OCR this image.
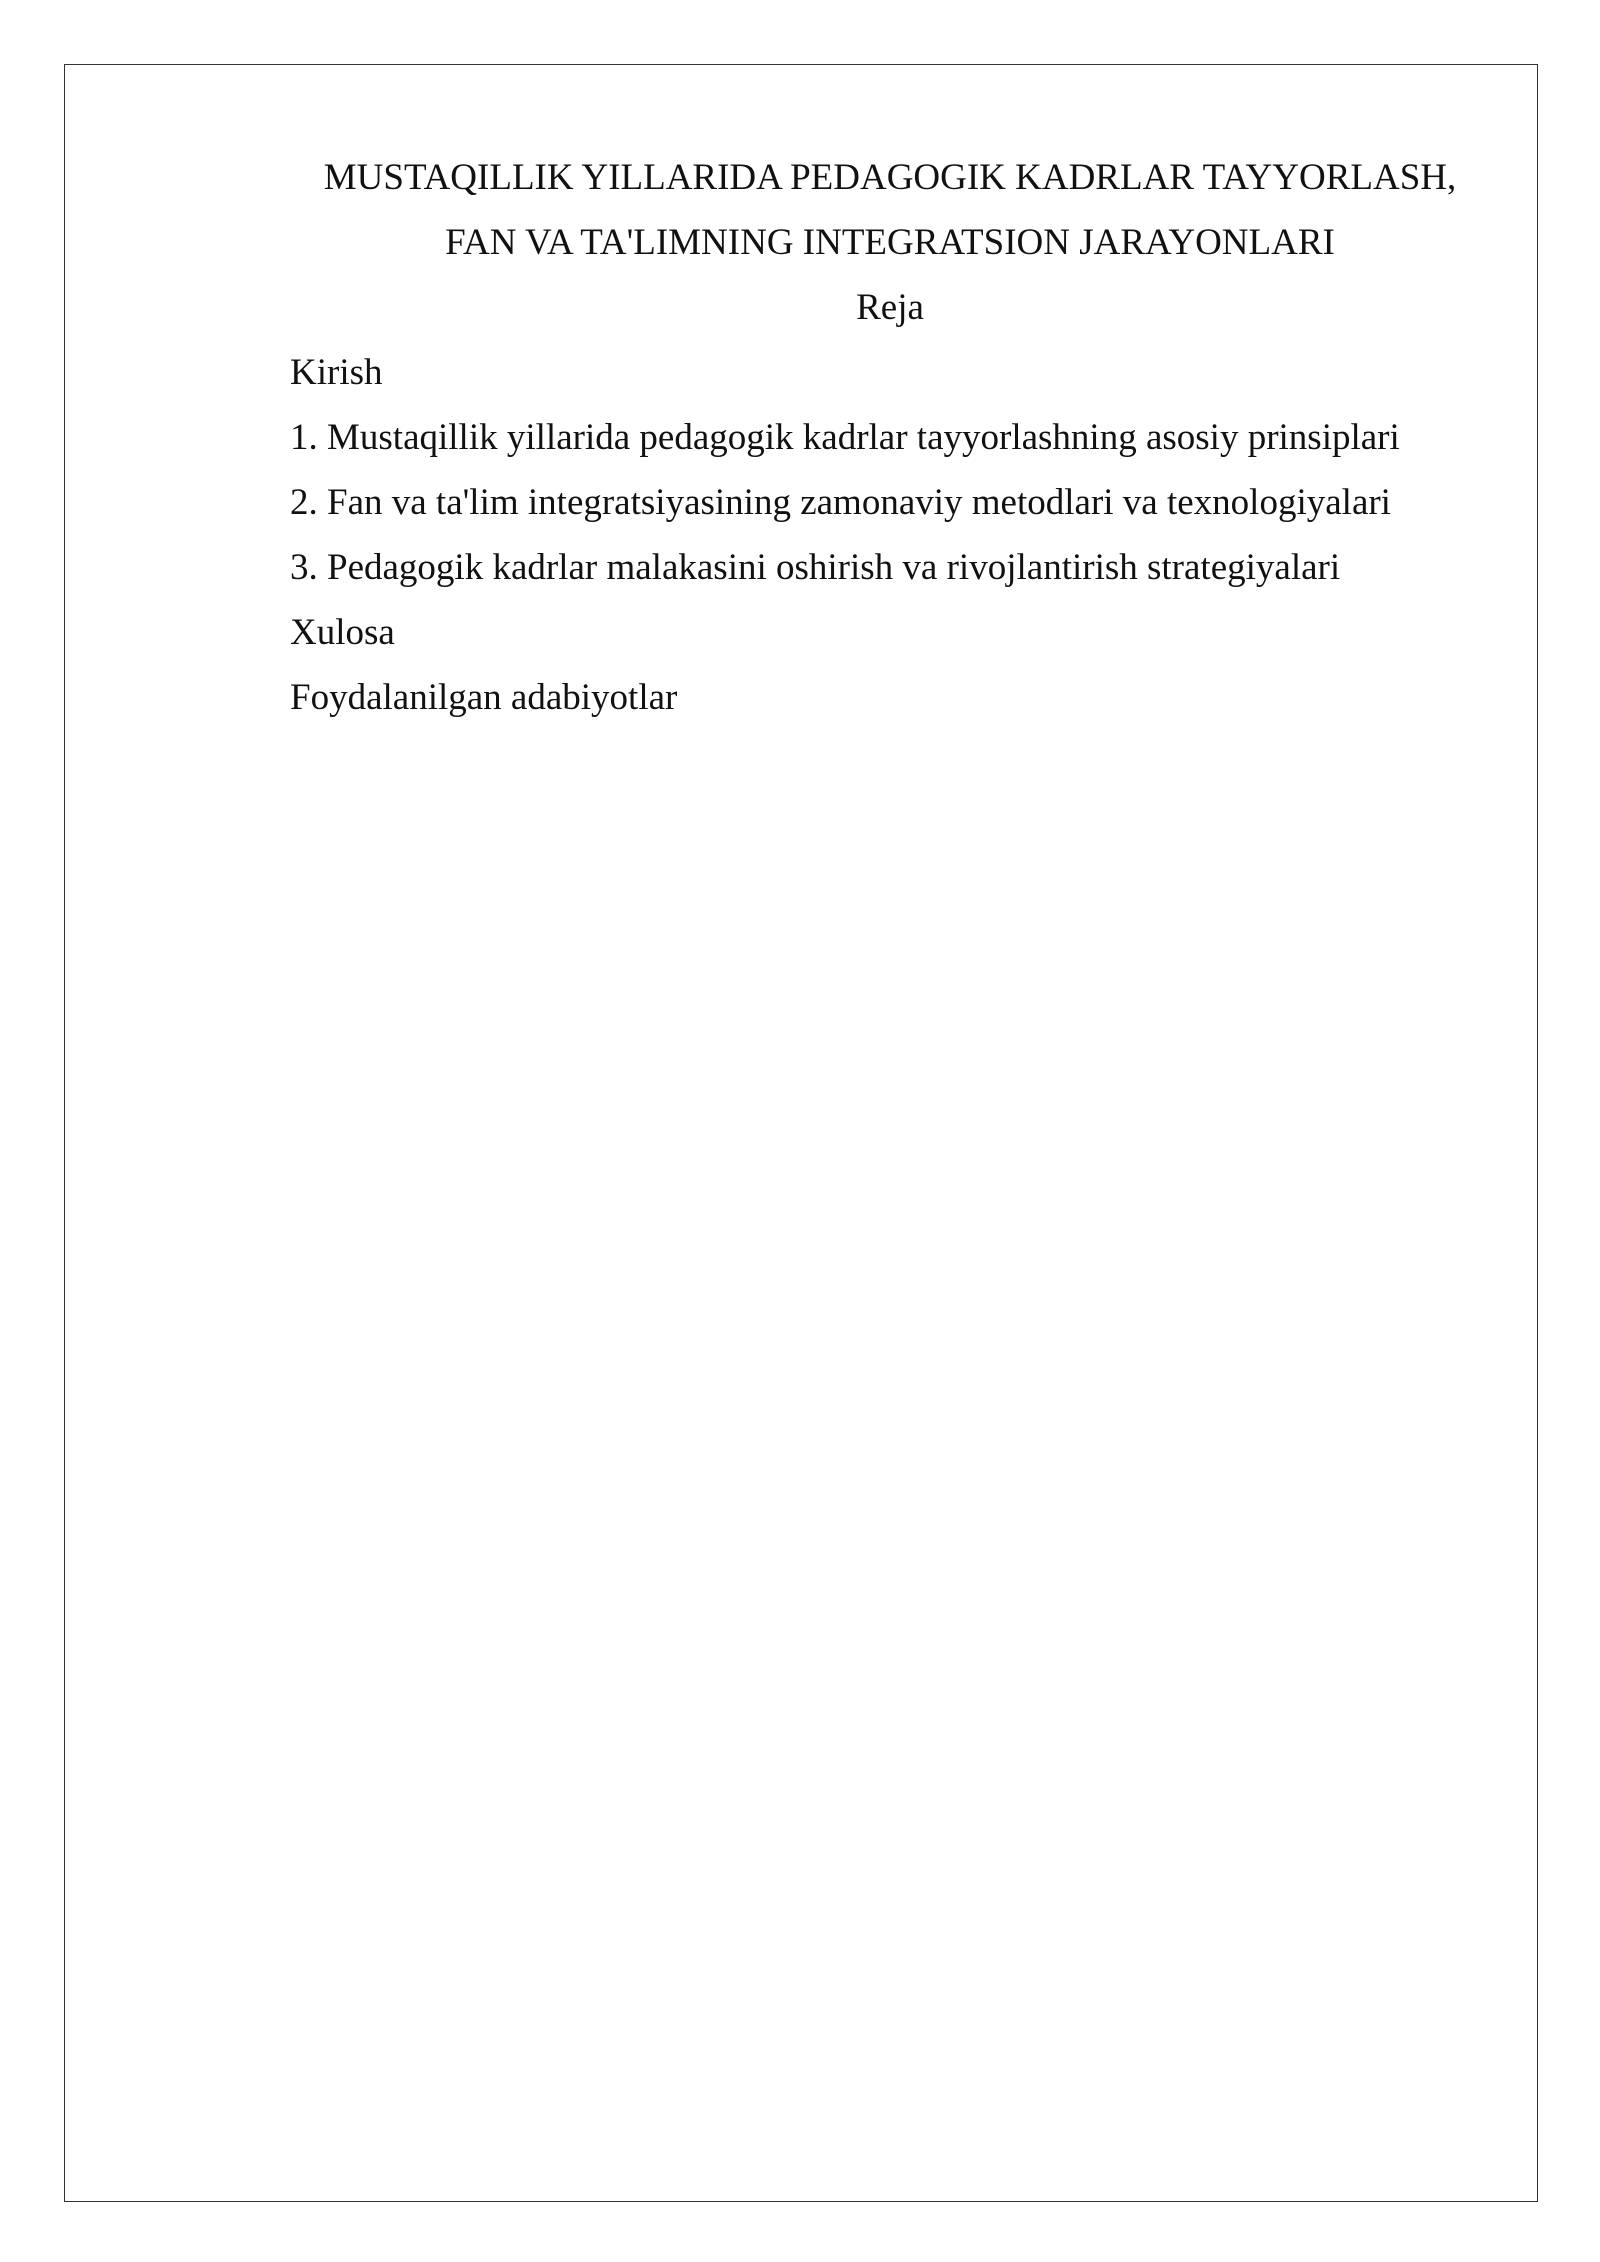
MUSTAQILLIK YILLARIDA PEDAGOGIK KADRLAR TAYYORLASH,
FAN VA TA'LIMNING INTEGRATSION JARAYONLARI
Reja
Kirish
1. Mustaqillik yillarida pedagogik kadrlar tayyorlashning asosiy prinsiplari
2. Fan va ta'lim integratsiyasining zamonaviy metodlari va texnologiyalari
3. Pedagogik kadrlar malakasini oshirish va rivojlantirish strategiyalari
Xulosa
Foydalanilgan adabiyotlar
